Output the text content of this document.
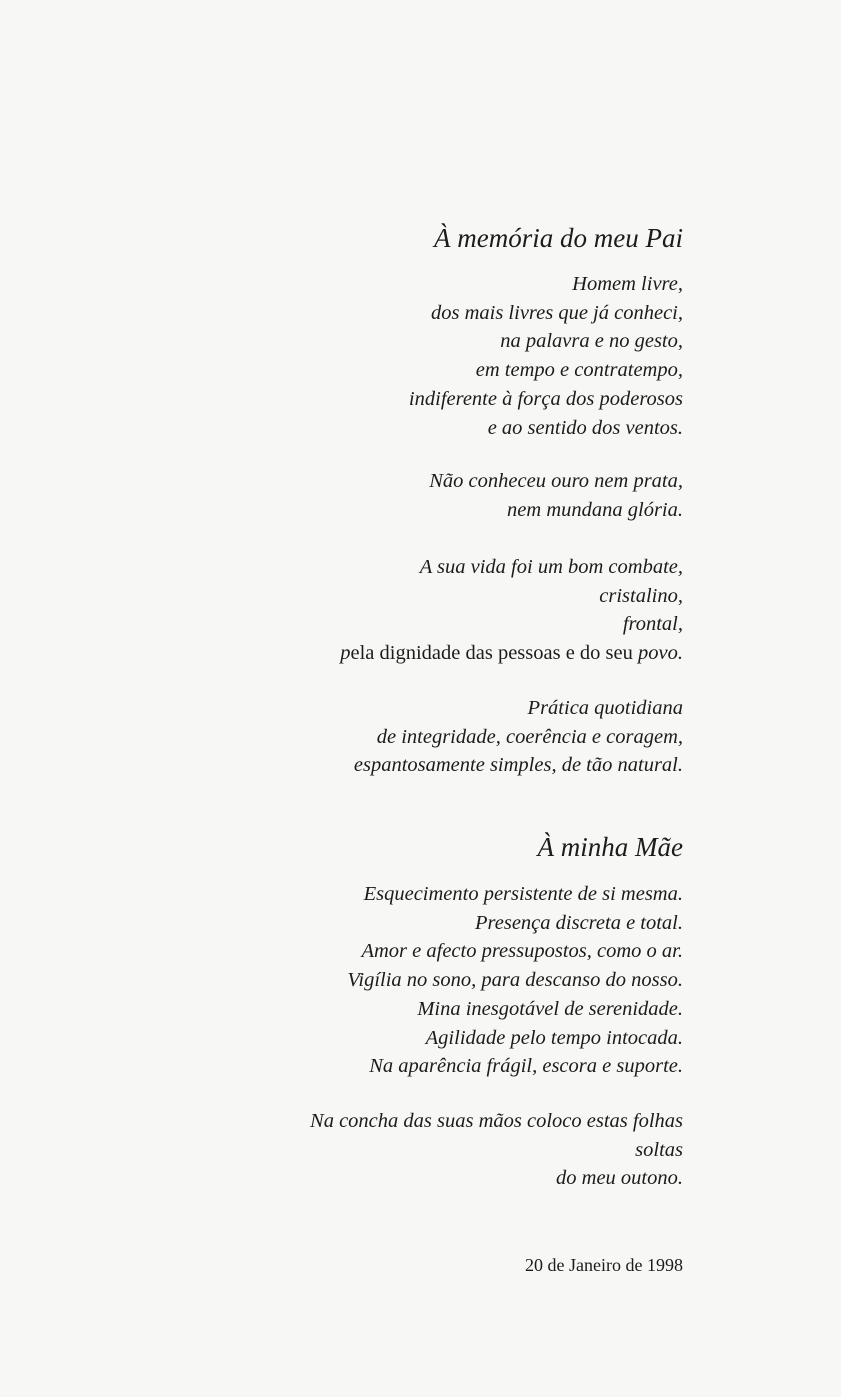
À memória do meu Pai
Homem livre,
dos mais livres que já conheci,
na palavra e no gesto,
em tempo e contratempo,
indiferente à força dos poderosos
e ao sentido dos ventos.
Não conheceu ouro nem prata,
nem mundana glória.
A sua vida foi um bom combate,
cristalino,
frontal,
pela dignidade das pessoas e do seu povo.
Prática quotidiana
de integridade, coerência e coragem,
espantosamente simples, de tão natural.
À minha Mãe
Esquecimento persistente de si mesma.
Presença discreta e total.
Amor e afecto pressupostos, como o ar.
Vigília no sono, para descanso do nosso.
Mina inesgotável de serenidade.
Agilidade pelo tempo intocada.
Na aparência frágil, escora e suporte.
Na concha das suas mãos coloco estas folhas
soltas
do meu outono.
20 de Janeiro de 1998
